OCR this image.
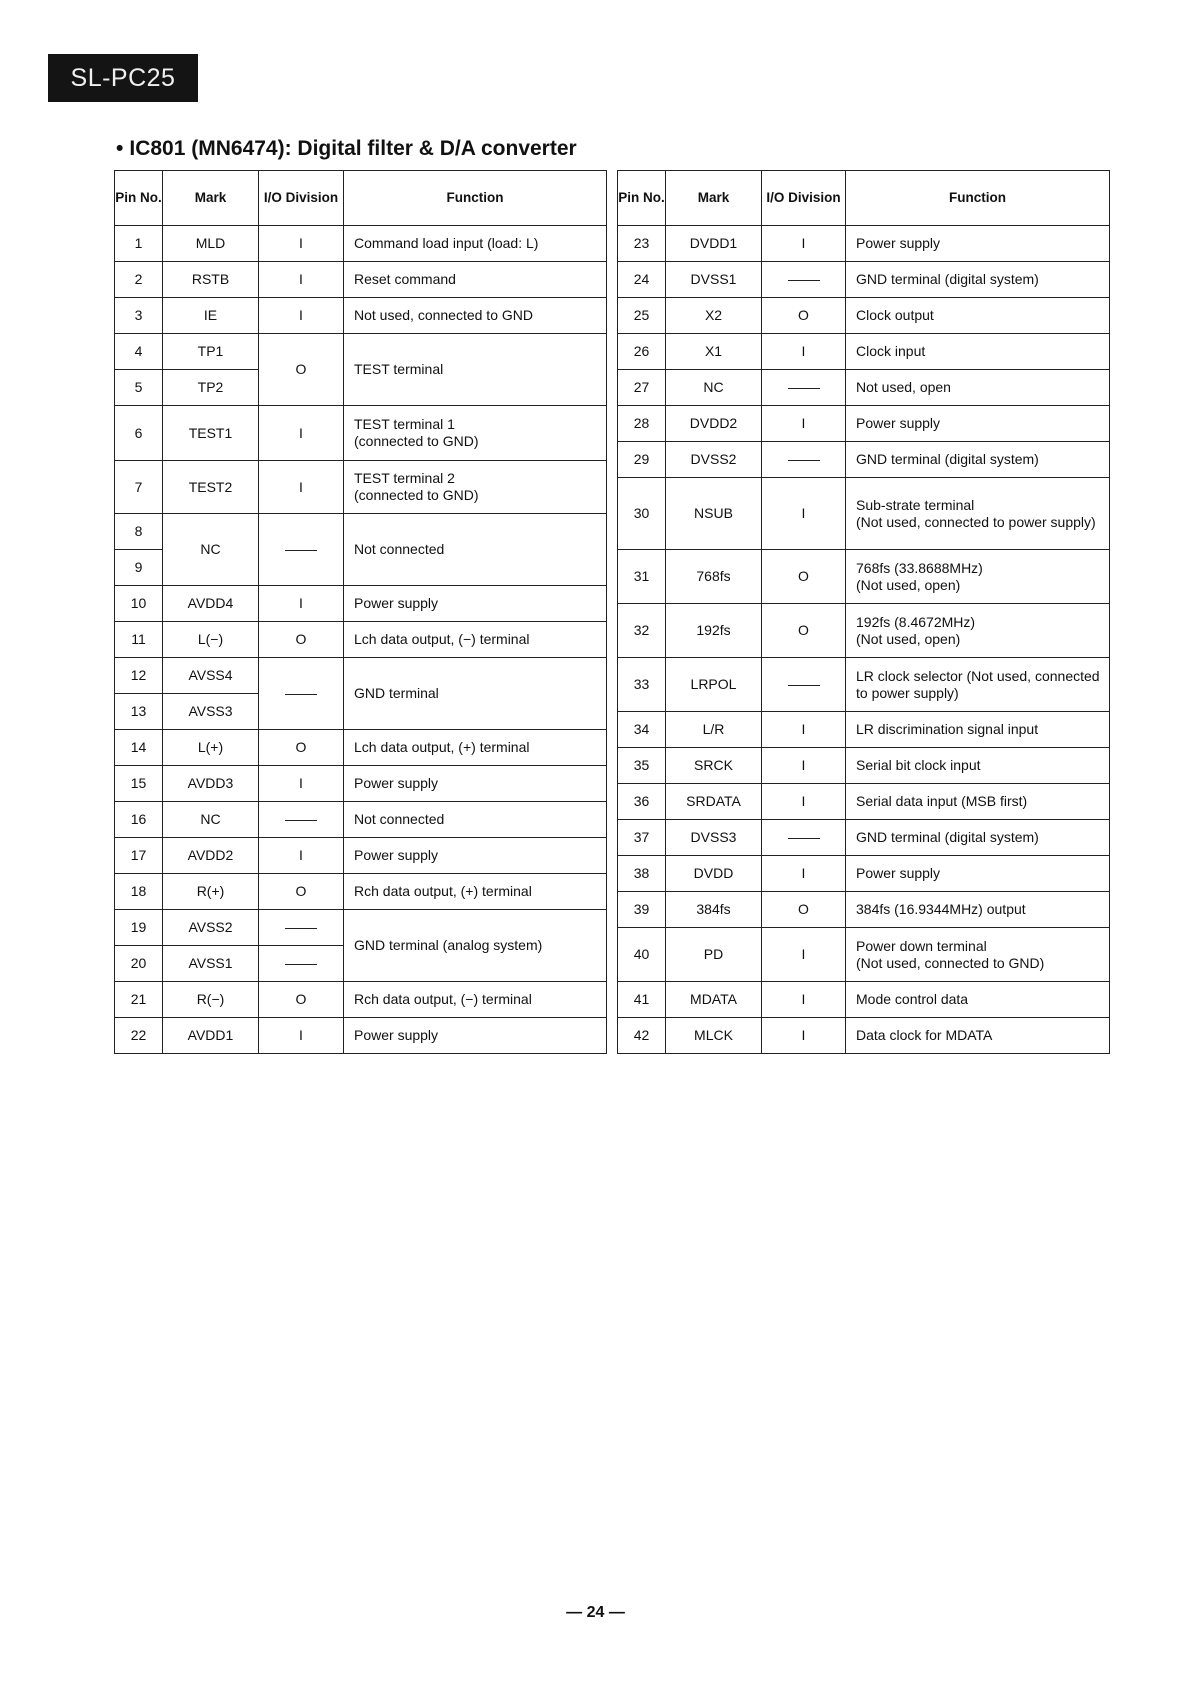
SL-PC25
• IC801 (MN6474): Digital filter & D/A converter
Pin No.	Mark	I/O Division	Function
1	MLD	I	Command load input (load: L)
2	RSTB	I	Reset command
3	IE	I	Not used, connected to GND
4	TP1	O	TEST terminal
5	TP2		
6	TEST1	I	TEST terminal 1
(connected to GND)
7	TEST2	I	TEST terminal 2
(connected to GND)
8	NC		Not connected
9			
10	AVDD4	I	Power supply
11	L(−)	O	Lch data output, (−) terminal
12	AVSS4		GND terminal
13	AVSS3		
14	L(+)	O	Lch data output, (+) terminal
15	AVDD3	I	Power supply
16	NC		Not connected
17	AVDD2	I	Power supply
18	R(+)	O	Rch data output, (+) terminal
19	AVSS2		GND terminal (analog system)
20	AVSS1		
21	R(−)	O	Rch data output, (−) terminal
22	AVDD1	I	Power supply
Pin No.	Mark	I/O Division	Function
23	DVDD1	I	Power supply
24	DVSS1		GND terminal (digital system)
25	X2	O	Clock output
26	X1	I	Clock input
27	NC		Not used, open
28	DVDD2	I	Power supply
29	DVSS2		GND terminal (digital system)
30	NSUB	I	Sub-strate terminal
(Not used, connected to power supply)
31	768fs	O	768fs (33.8688MHz)
(Not used, open)
32	192fs	O	192fs (8.4672MHz)
(Not used, open)
33	LRPOL		LR clock selector (Not used, connected to power supply)
34	L/R	I	LR discrimination signal input
35	SRCK	I	Serial bit clock input
36	SRDATA	I	Serial data input (MSB first)
37	DVSS3		GND terminal (digital system)
38	DVDD	I	Power supply
39	384fs	O	384fs (16.9344MHz) output
40	PD	I	Power down terminal
(Not used, connected to GND)
41	MDATA	I	Mode control data
42	MLCK	I	Data clock for MDATA
— 24 —
